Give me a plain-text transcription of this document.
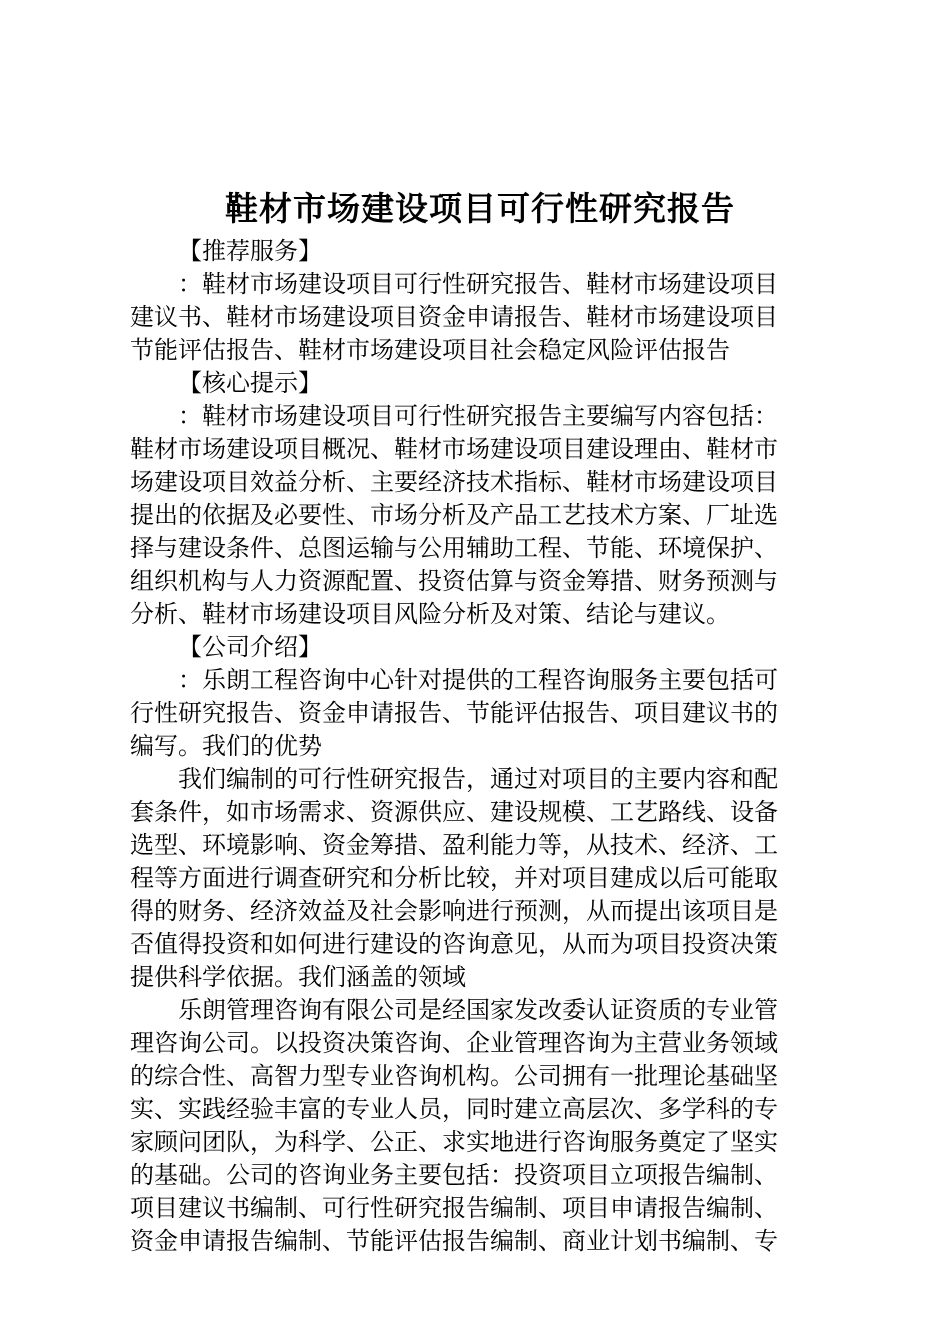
鞋材市场建设项目可行性研究报告
【推荐服务】
：鞋材市场建设项目可行性研究报告、鞋材市场建设项目
建议书、鞋材市场建设项目资金申请报告、鞋材市场建设项目
节能评估报告、鞋材市场建设项目社会稳定风险评估报告
【核心提示】
：鞋材市场建设项目可行性研究报告主要编写内容包括：
鞋材市场建设项目概况、鞋材市场建设项目建设理由、鞋材市
场建设项目效益分析、主要经济技术指标、鞋材市场建设项目
提出的依据及必要性、市场分析及产品工艺技术方案、厂址选
择与建设条件、总图运输与公用辅助工程、节能、环境保护、
组织机构与人力资源配置、投资估算与资金筹措、财务预测与
分析、鞋材市场建设项目风险分析及对策、结论与建议。
【公司介绍】
：乐朗工程咨询中心针对提供的工程咨询服务主要包括可
行性研究报告、资金申请报告、节能评估报告、项目建议书的
编写。我们的优势
我们编制的可行性研究报告，通过对项目的主要内容和配
套条件，如市场需求、资源供应、建设规模、工艺路线、设备
选型、环境影响、资金筹措、盈利能力等，从技术、经济、工
程等方面进行调查研究和分析比较，并对项目建成以后可能取
得的财务、经济效益及社会影响进行预测，从而提出该项目是
否值得投资和如何进行建设的咨询意见，从而为项目投资决策
提供科学依据。我们涵盖的领域
乐朗管理咨询有限公司是经国家发改委认证资质的专业管
理咨询公司。以投资决策咨询、企业管理咨询为主营业务领域
的综合性、高智力型专业咨询机构。公司拥有一批理论基础坚
实、实践经验丰富的专业人员，同时建立高层次、多学科的专
家顾问团队，为科学、公正、求实地进行咨询服务奠定了坚实
的基础。公司的咨询业务主要包括：投资项目立项报告编制、
项目建议书编制、可行性研究报告编制、项目申请报告编制、
资金申请报告编制、节能评估报告编制、商业计划书编制、专
